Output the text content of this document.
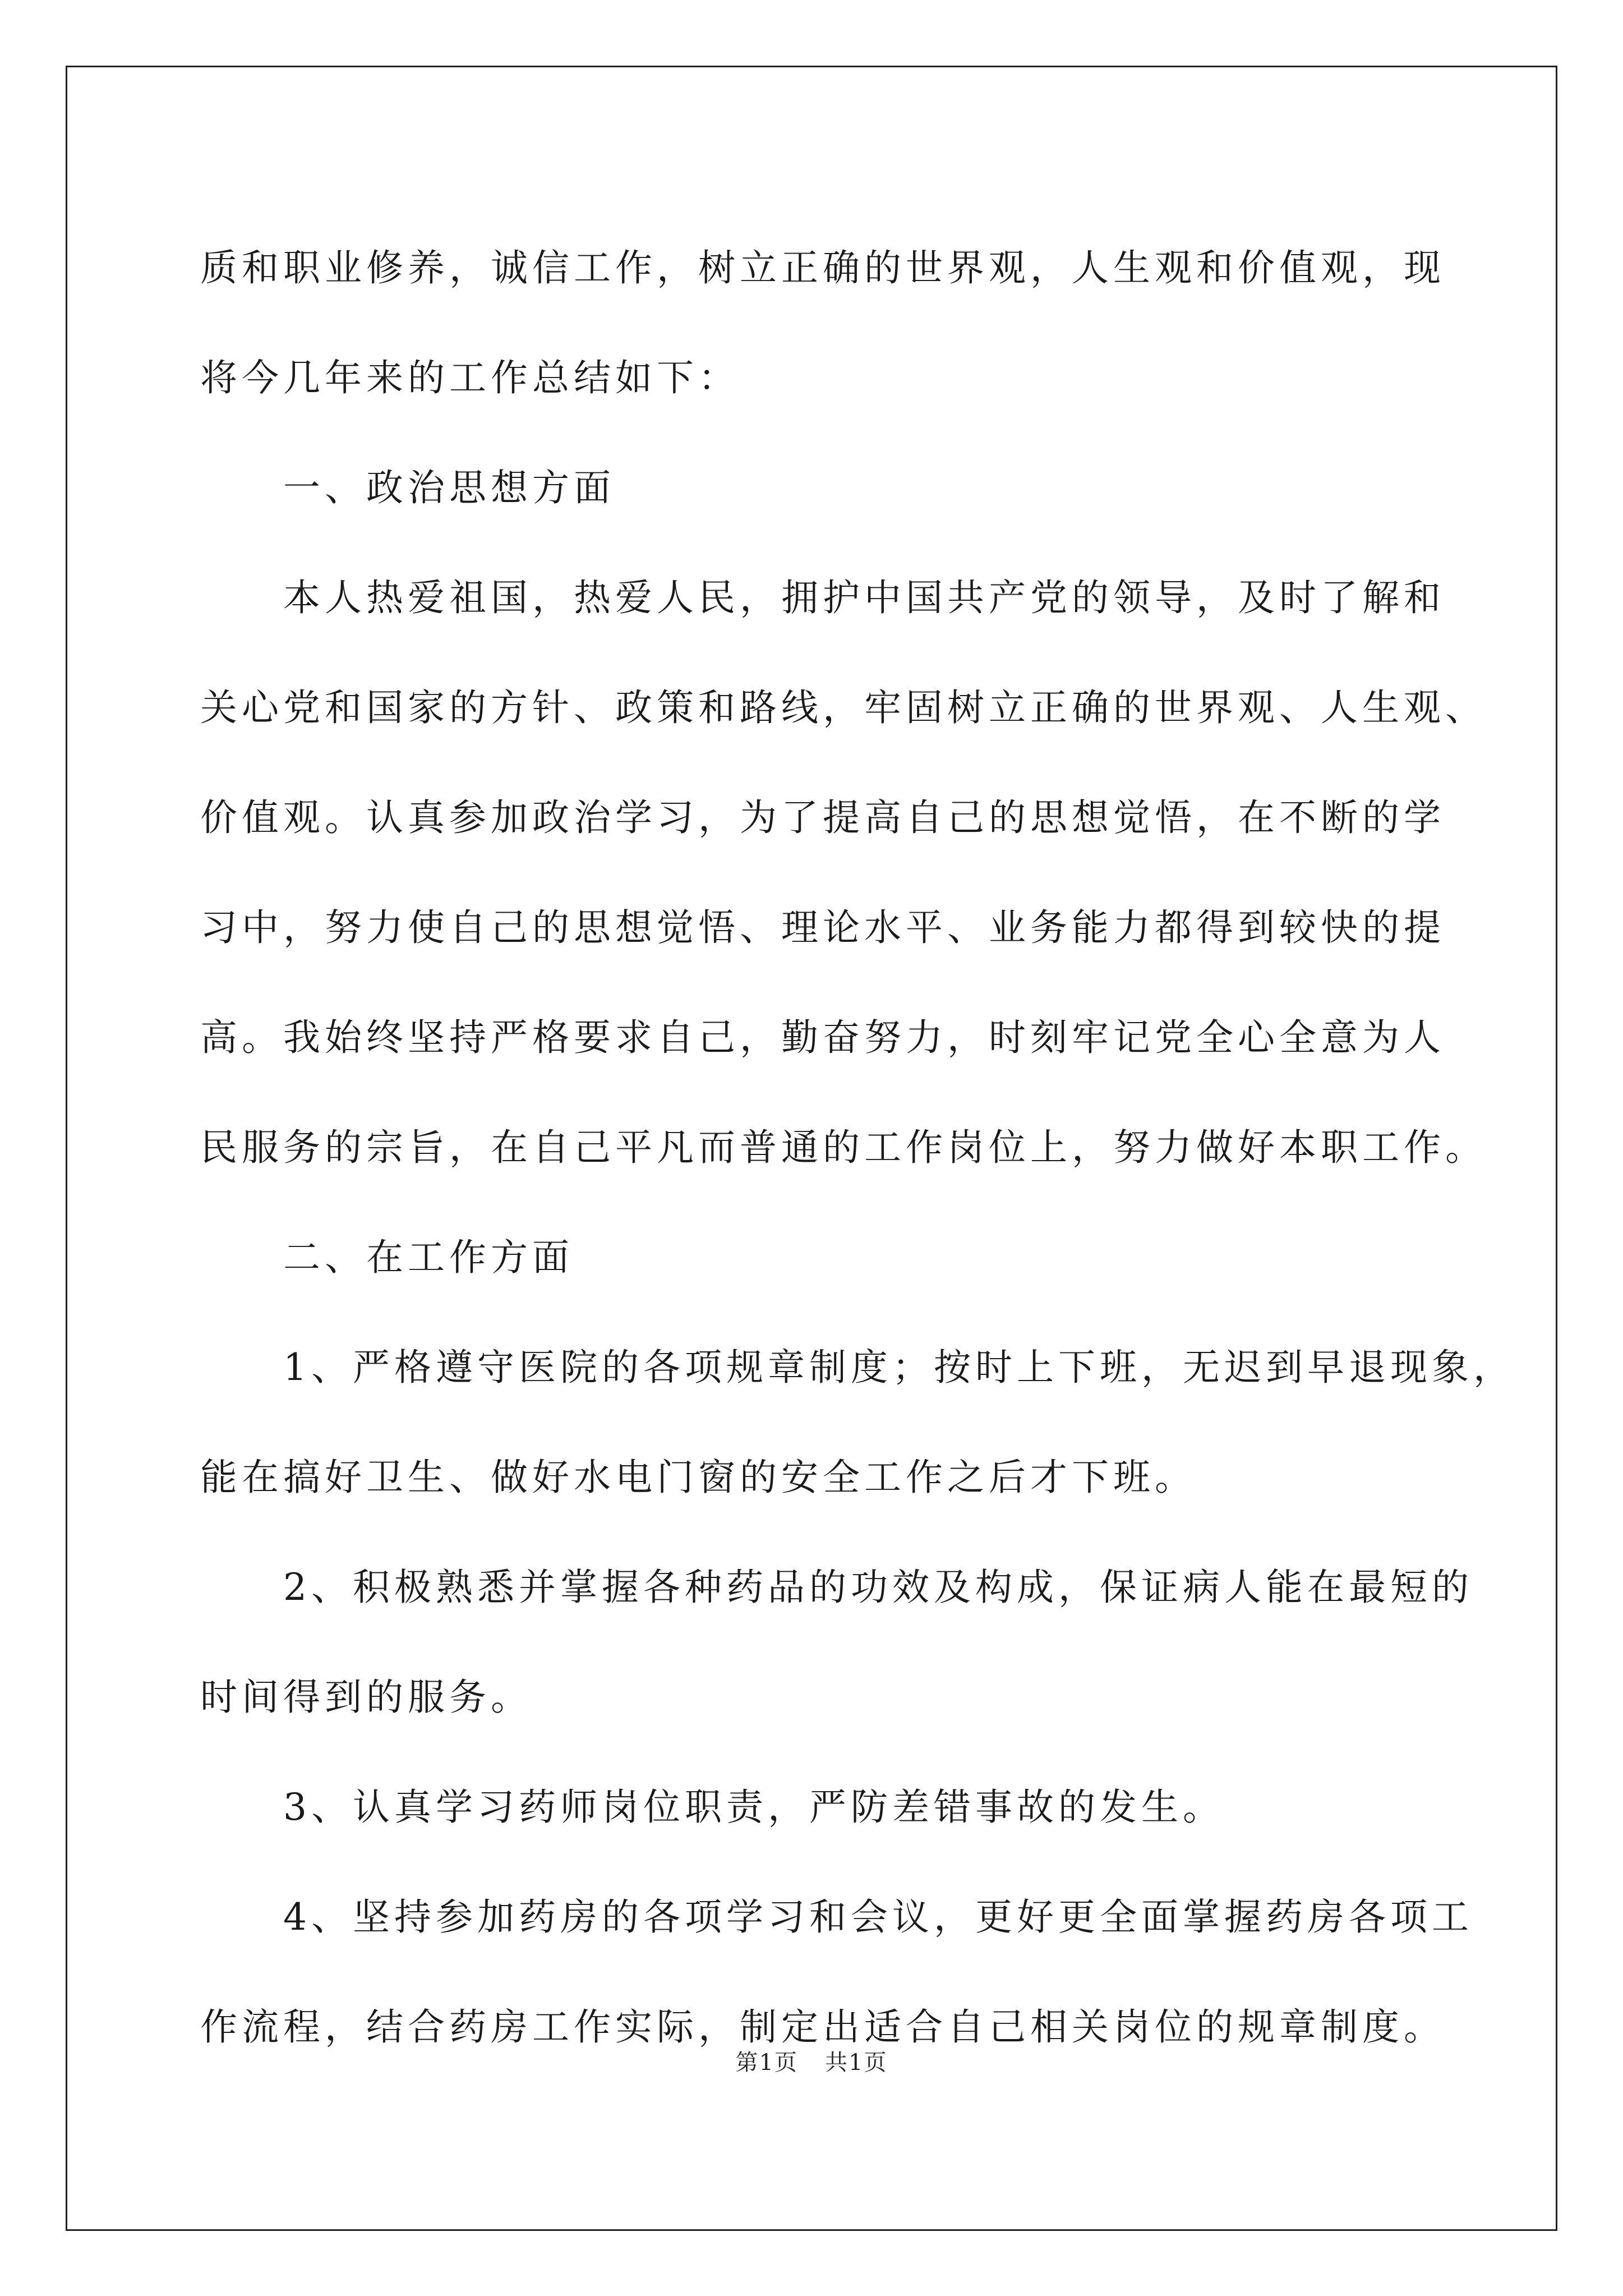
质和职业修养，诚信工作，树立正确的世界观，人生观和价值观，现
将今几年来的工作总结如下：
一、政治思想方面
本人热爱祖国，热爱人民，拥护中国共产党的领导，及时了解和
关心党和国家的方针、政策和路线，牢固树立正确的世界观、人生观、
价值观。认真参加政治学习，为了提高自己的思想觉悟，在不断的学
习中，努力使自己的思想觉悟、理论水平、业务能力都得到较快的提
高。我始终坚持严格要求自己，勤奋努力，时刻牢记党全心全意为人
民服务的宗旨，在自己平凡而普通的工作岗位上，努力做好本职工作。
二、在工作方面
1、严格遵守医院的各项规章制度；按时上下班，无迟到早退现象，
能在搞好卫生、做好水电门窗的安全工作之后才下班。
2、积极熟悉并掌握各种药品的功效及构成，保证病人能在最短的
时间得到的服务。
3、认真学习药师岗位职责，严防差错事故的发生。
4、坚持参加药房的各项学习和会议，更好更全面掌握药房各项工
作流程，结合药房工作实际，制定出适合自己相关岗位的规章制度。
第1页 共1页
